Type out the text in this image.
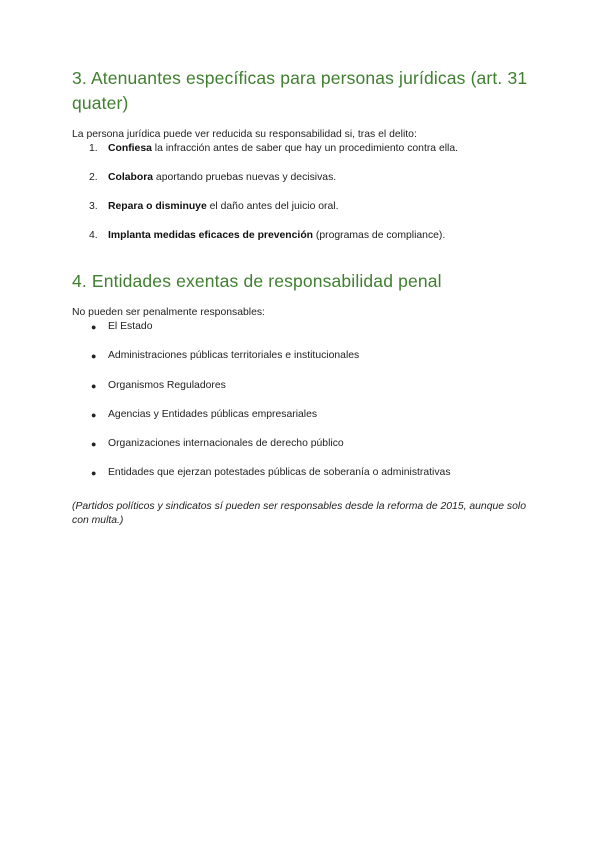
3. Atenuantes específicas para personas jurídicas (art. 31 quater)

La persona jurídica puede ver reducida su responsabilidad si, tras el delito:

1. Confiesa la infracción antes de saber que hay un procedimiento contra ella.
2. Colabora aportando pruebas nuevas y decisivas.
3. Repara o disminuye el daño antes del juicio oral.
4. Implanta medidas eficaces de prevención (programas de compliance).
4. Entidades exentas de responsabilidad penal

No pueden ser penalmente responsables:

● El Estado
● Administraciones públicas territoriales e institucionales
● Organismos Reguladores
● Agencias y Entidades públicas empresariales
● Organizaciones internacionales de derecho público
● Entidades que ejerzan potestades públicas de soberanía o administrativas

(Partidos políticos y sindicatos sí pueden ser responsables desde la reforma de 2015, aunque solo con multa.)
